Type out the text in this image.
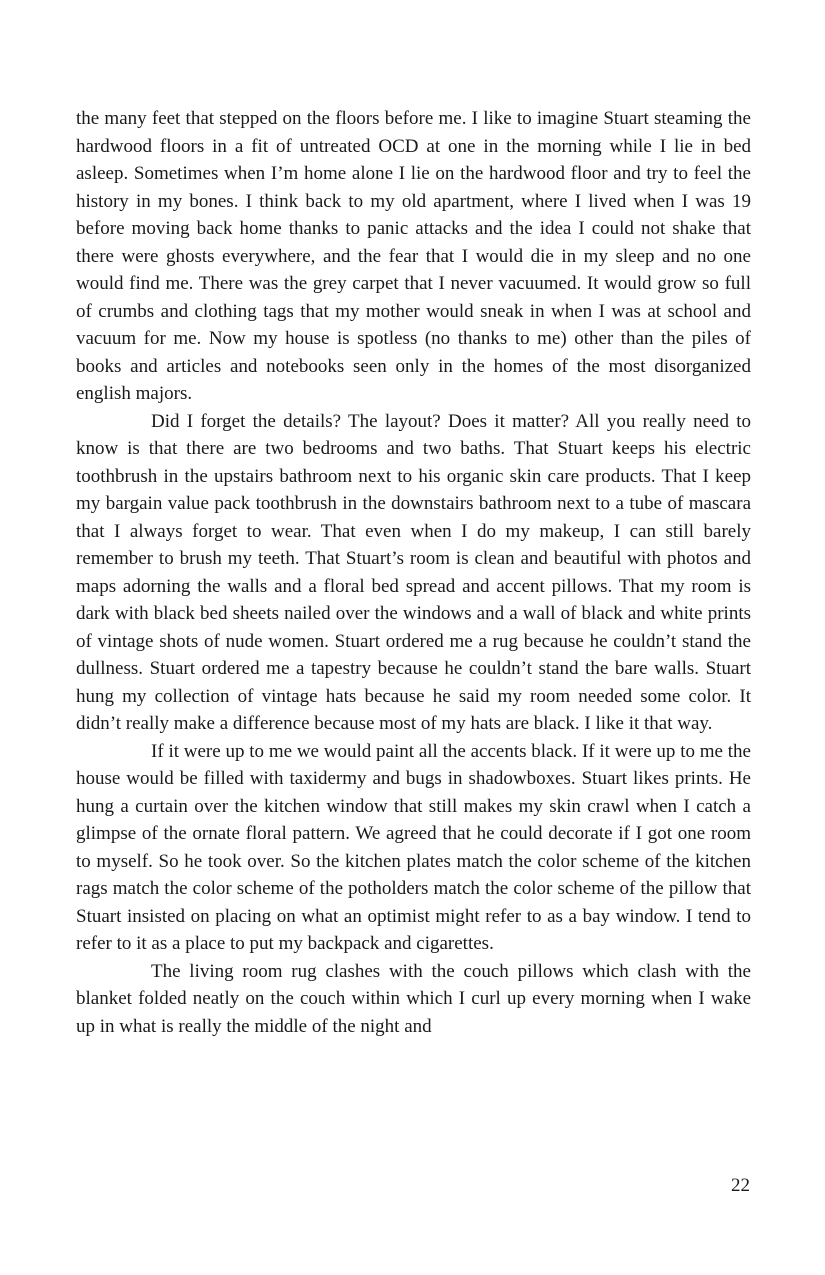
the many feet that stepped on the floors before me. I like to imagine Stuart steaming the hardwood floors in a fit of untreated OCD at one in the morning while I lie in bed asleep. Sometimes when I’m home alone I lie on the hardwood floor and try to feel the history in my bones. I think back to my old apartment, where I lived when I was 19 before moving back home thanks to panic attacks and the idea I could not shake that there were ghosts everywhere, and the fear that I would die in my sleep and no one would find me. There was the grey carpet that I never vacuumed. It would grow so full of crumbs and clothing tags that my mother would sneak in when I was at school and vacuum for me. Now my house is spotless (no thanks to me) other than the piles of books and articles and notebooks seen only in the homes of the most disorganized english majors.

Did I forget the details? The layout? Does it matter? All you really need to know is that there are two bedrooms and two baths. That Stuart keeps his electric toothbrush in the upstairs bathroom next to his organic skin care products. That I keep my bargain value pack toothbrush in the downstairs bathroom next to a tube of mascara that I always forget to wear. That even when I do my makeup, I can still barely remember to brush my teeth. That Stuart’s room is clean and beautiful with photos and maps adorning the walls and a floral bed spread and accent pillows. That my room is dark with black bed sheets nailed over the windows and a wall of black and white prints of vintage shots of nude women. Stuart ordered me a rug because he couldn’t stand the dullness. Stuart ordered me a tapestry because he couldn’t stand the bare walls. Stuart hung my collection of vintage hats because he said my room needed some color. It didn’t really make a difference because most of my hats are black. I like it that way.

If it were up to me we would paint all the accents black. If it were up to me the house would be filled with taxidermy and bugs in shadowboxes. Stuart likes prints. He hung a curtain over the kitchen window that still makes my skin crawl when I catch a glimpse of the ornate floral pattern. We agreed that he could decorate if I got one room to myself. So he took over. So the kitchen plates match the color scheme of the kitchen rags match the color scheme of the potholders match the color scheme of the pillow that Stuart insisted on placing on what an optimist might refer to as a bay window. I tend to refer to it as a place to put my backpack and cigarettes.

The living room rug clashes with the couch pillows which clash with the blanket folded neatly on the couch within which I curl up every morning when I wake up in what is really the middle of the night and

22
